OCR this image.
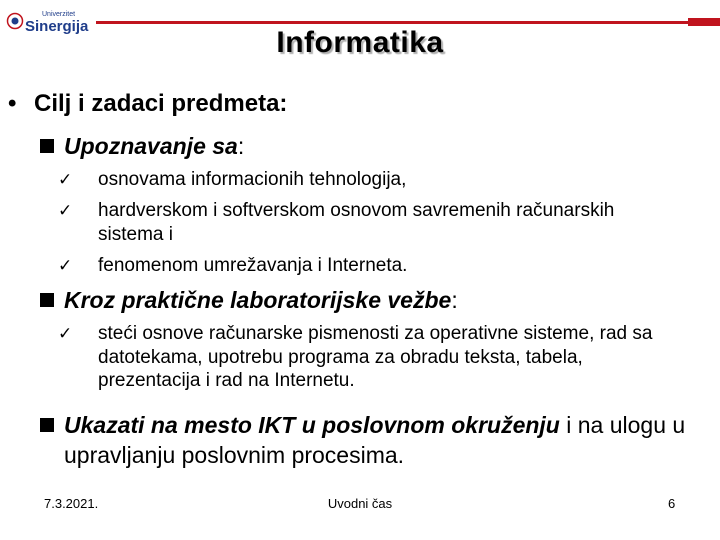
Univerzitet
Sinergija	Informatika
• Cilj i zadaci predmeta:
Upoznavanje sa:
✓ osnovama informacionih tehnologija,
✓ hardverskom i softverskom osnovom savremenih računarskih sistema i
✓ fenomenom umrežavanja i Interneta.
Kroz praktične laboratorijske vežbe:
✓ steći osnove računarske pismenosti za operativne sisteme, rad sa datotekama, upotrebu programa za obradu teksta, tabela, prezentacija i rad na Internetu.
Ukazati na mesto IKT u poslovnom okruženju i na ulogu u upravljanju poslovnim procesima.
7.3.2021.	Uvodni čas	6
